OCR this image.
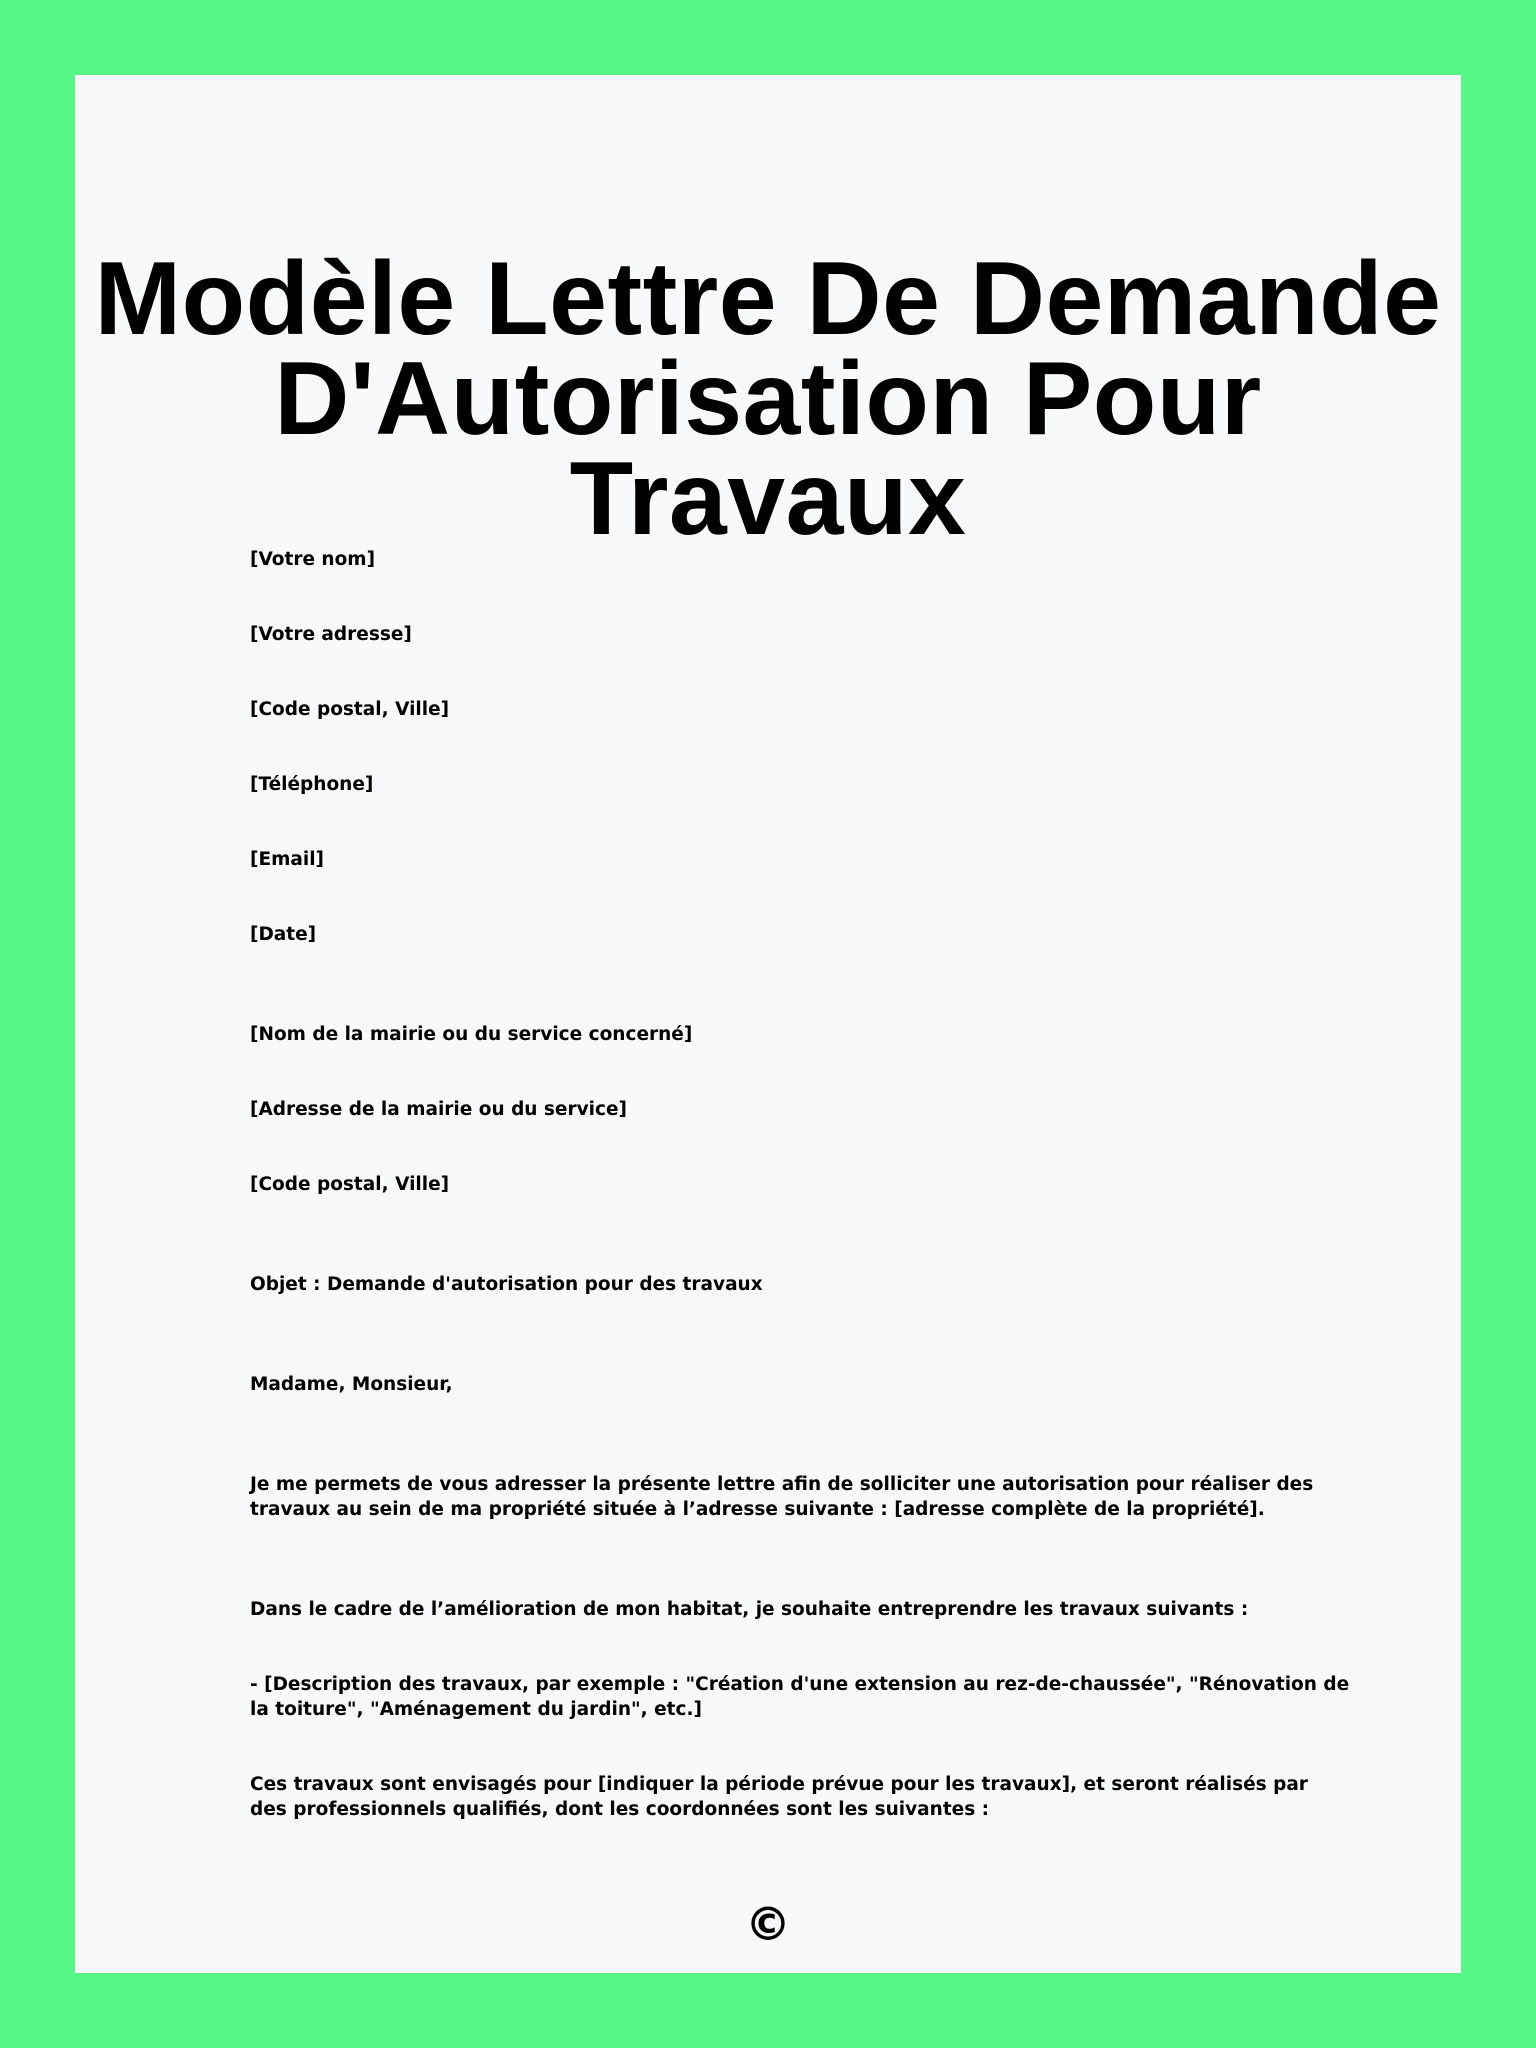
Modèle Lettre De Demande
D'Autorisation Pour Travaux
[Votre nom]
[Votre adresse]
[Code postal, Ville]
[Téléphone]
[Email]
[Date]
[Nom de la mairie ou du service concerné]
[Adresse de la mairie ou du service]
[Code postal, Ville]
Objet : Demande d'autorisation pour des travaux
Madame, Monsieur,
Je me permets de vous adresser la présente lettre afin de solliciter une autorisation pour réaliser des travaux au sein de ma propriété située à l’adresse suivante : [adresse complète de la propriété].
Dans le cadre de l’amélioration de mon habitat, je souhaite entreprendre les travaux suivants :
- [Description des travaux, par exemple : "Création d'une extension au rez-de-chaussée", "Rénovation de la toiture", "Aménagement du jardin", etc.]
Ces travaux sont envisagés pour [indiquer la période prévue pour les travaux], et seront réalisés par des professionnels qualifiés, dont les coordonnées sont les suivantes :
©
